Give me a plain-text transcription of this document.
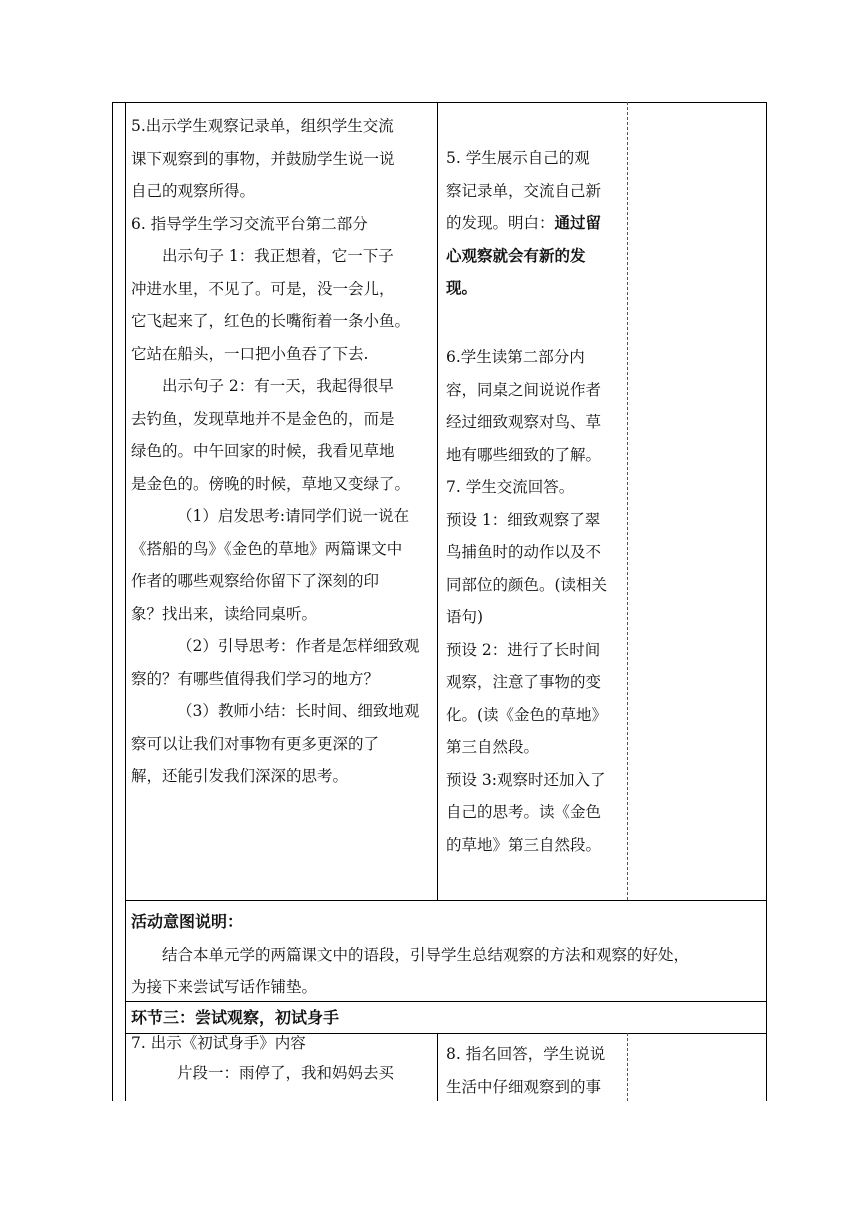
5.出示学生观察记录单，组织学生交流

课下观察到的事物，并鼓励学生说一说

自己的观察所得。

6. 指导学生学习交流平台第二部分

出示句子 1：我正想着，它一下子

冲进水里，不见了。可是，没一会儿，

它飞起来了，红色的长嘴衔着一条小鱼。

它站在船头，一口把小鱼吞了下去.

出示句子 2：有一天，我起得很早

去钓鱼，发现草地并不是金色的，而是

绿色的。中午回家的时候，我看见草地

是金色的。傍晚的时候，草地又变绿了。

（1）启发思考:请同学们说一说在

《搭船的鸟》《金色的草地》两篇课文中

作者的哪些观察给你留下了深刻的印

象？找出来，读给同桌听。

（2）引导思考：作者是怎样细致观

察的？有哪些值得我们学习的地方？

（3）教师小结：长时间、细致地观

察可以让我们对事物有更多更深的了

解，还能引发我们深深的思考。

5. 学生展示自己的观

察记录单，交流自己新

的发现。明白：通过留

心观察就会有新的发

现。

6.学生读第二部分内

容，同桌之间说说作者

经过细致观察对鸟、草

地有哪些细致的了解。

7. 学生交流回答。

预设 1：细致观察了翠

鸟捕鱼时的动作以及不

同部位的颜色。(读相关

语句)

预设 2：进行了长时间

观察，注意了事物的变

化。(读《金色的草地》

第三自然段。

预设 3:观察时还加入了

自己的思考。读《金色

的草地》第三自然段。

活动意图说明：

结合本单元学的两篇课文中的语段，引导学生总结观察的方法和观察的好处，

为接下来尝试写话作铺垫。

环节三：尝试观察，初试身手

7. 出示《初试身手》内容

片段一：雨停了，我和妈妈去买

8. 指名回答，学生说说

生活中仔细观察到的事
